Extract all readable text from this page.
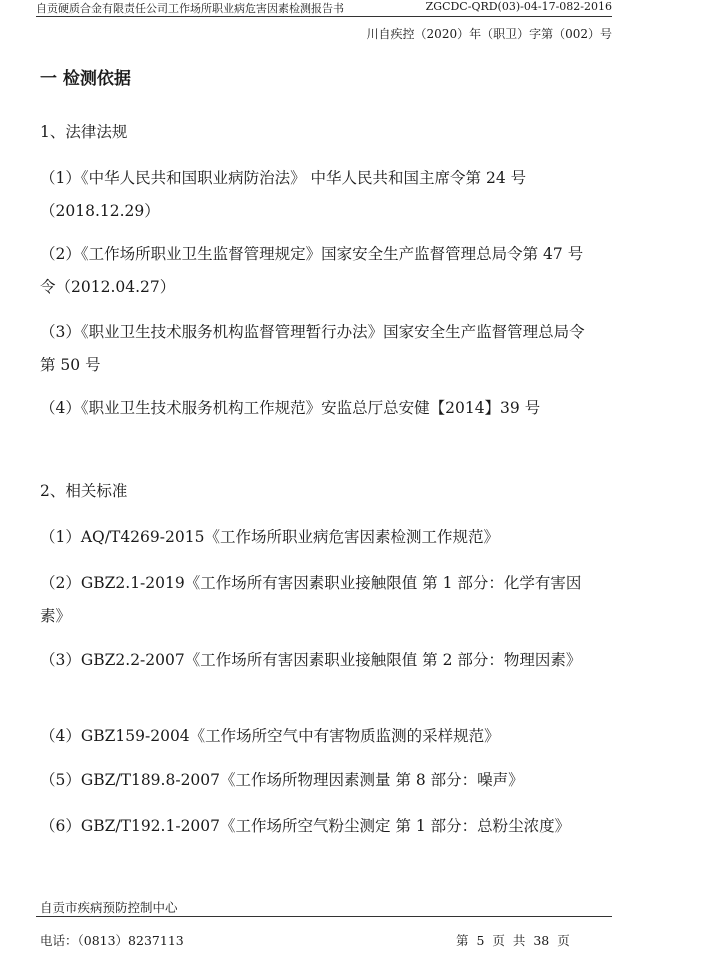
自贡硬质合金有限责任公司工作场所职业病危害因素检测报告书	ZGCDC-QRD(03)-04-17-082-2016
川自疾控（2020）年（职卫）字第（002）号
一 检测依据
1、法律法规
（1）《中华人民共和国职业病防治法》 中华人民共和国主席令第 24 号（2018.12.29）
（2）《工作场所职业卫生监督管理规定》国家安全生产监督管理总局令第 47 号令（2012.04.27）
（3）《职业卫生技术服务机构监督管理暂行办法》国家安全生产监督管理总局令第 50 号
（4）《职业卫生技术服务机构工作规范》安监总厅总安健【2014】39 号
2、相关标准
（1）AQ/T4269-2015《工作场所职业病危害因素检测工作规范》
（2）GBZ2.1-2019《工作场所有害因素职业接触限值 第 1 部分：化学有害因素》
（3）GBZ2.2-2007《工作场所有害因素职业接触限值 第 2 部分：物理因素》
（4）GBZ159-2004《工作场所空气中有害物质监测的采样规范》
（5）GBZ/T189.8-2007《工作场所物理因素测量 第 8 部分：噪声》
（6）GBZ/T192.1-2007《工作场所空气粉尘测定 第 1 部分：总粉尘浓度》
自贡市疾病预防控制中心
电话：（0813）8237113	第 5 页 共 38 页
